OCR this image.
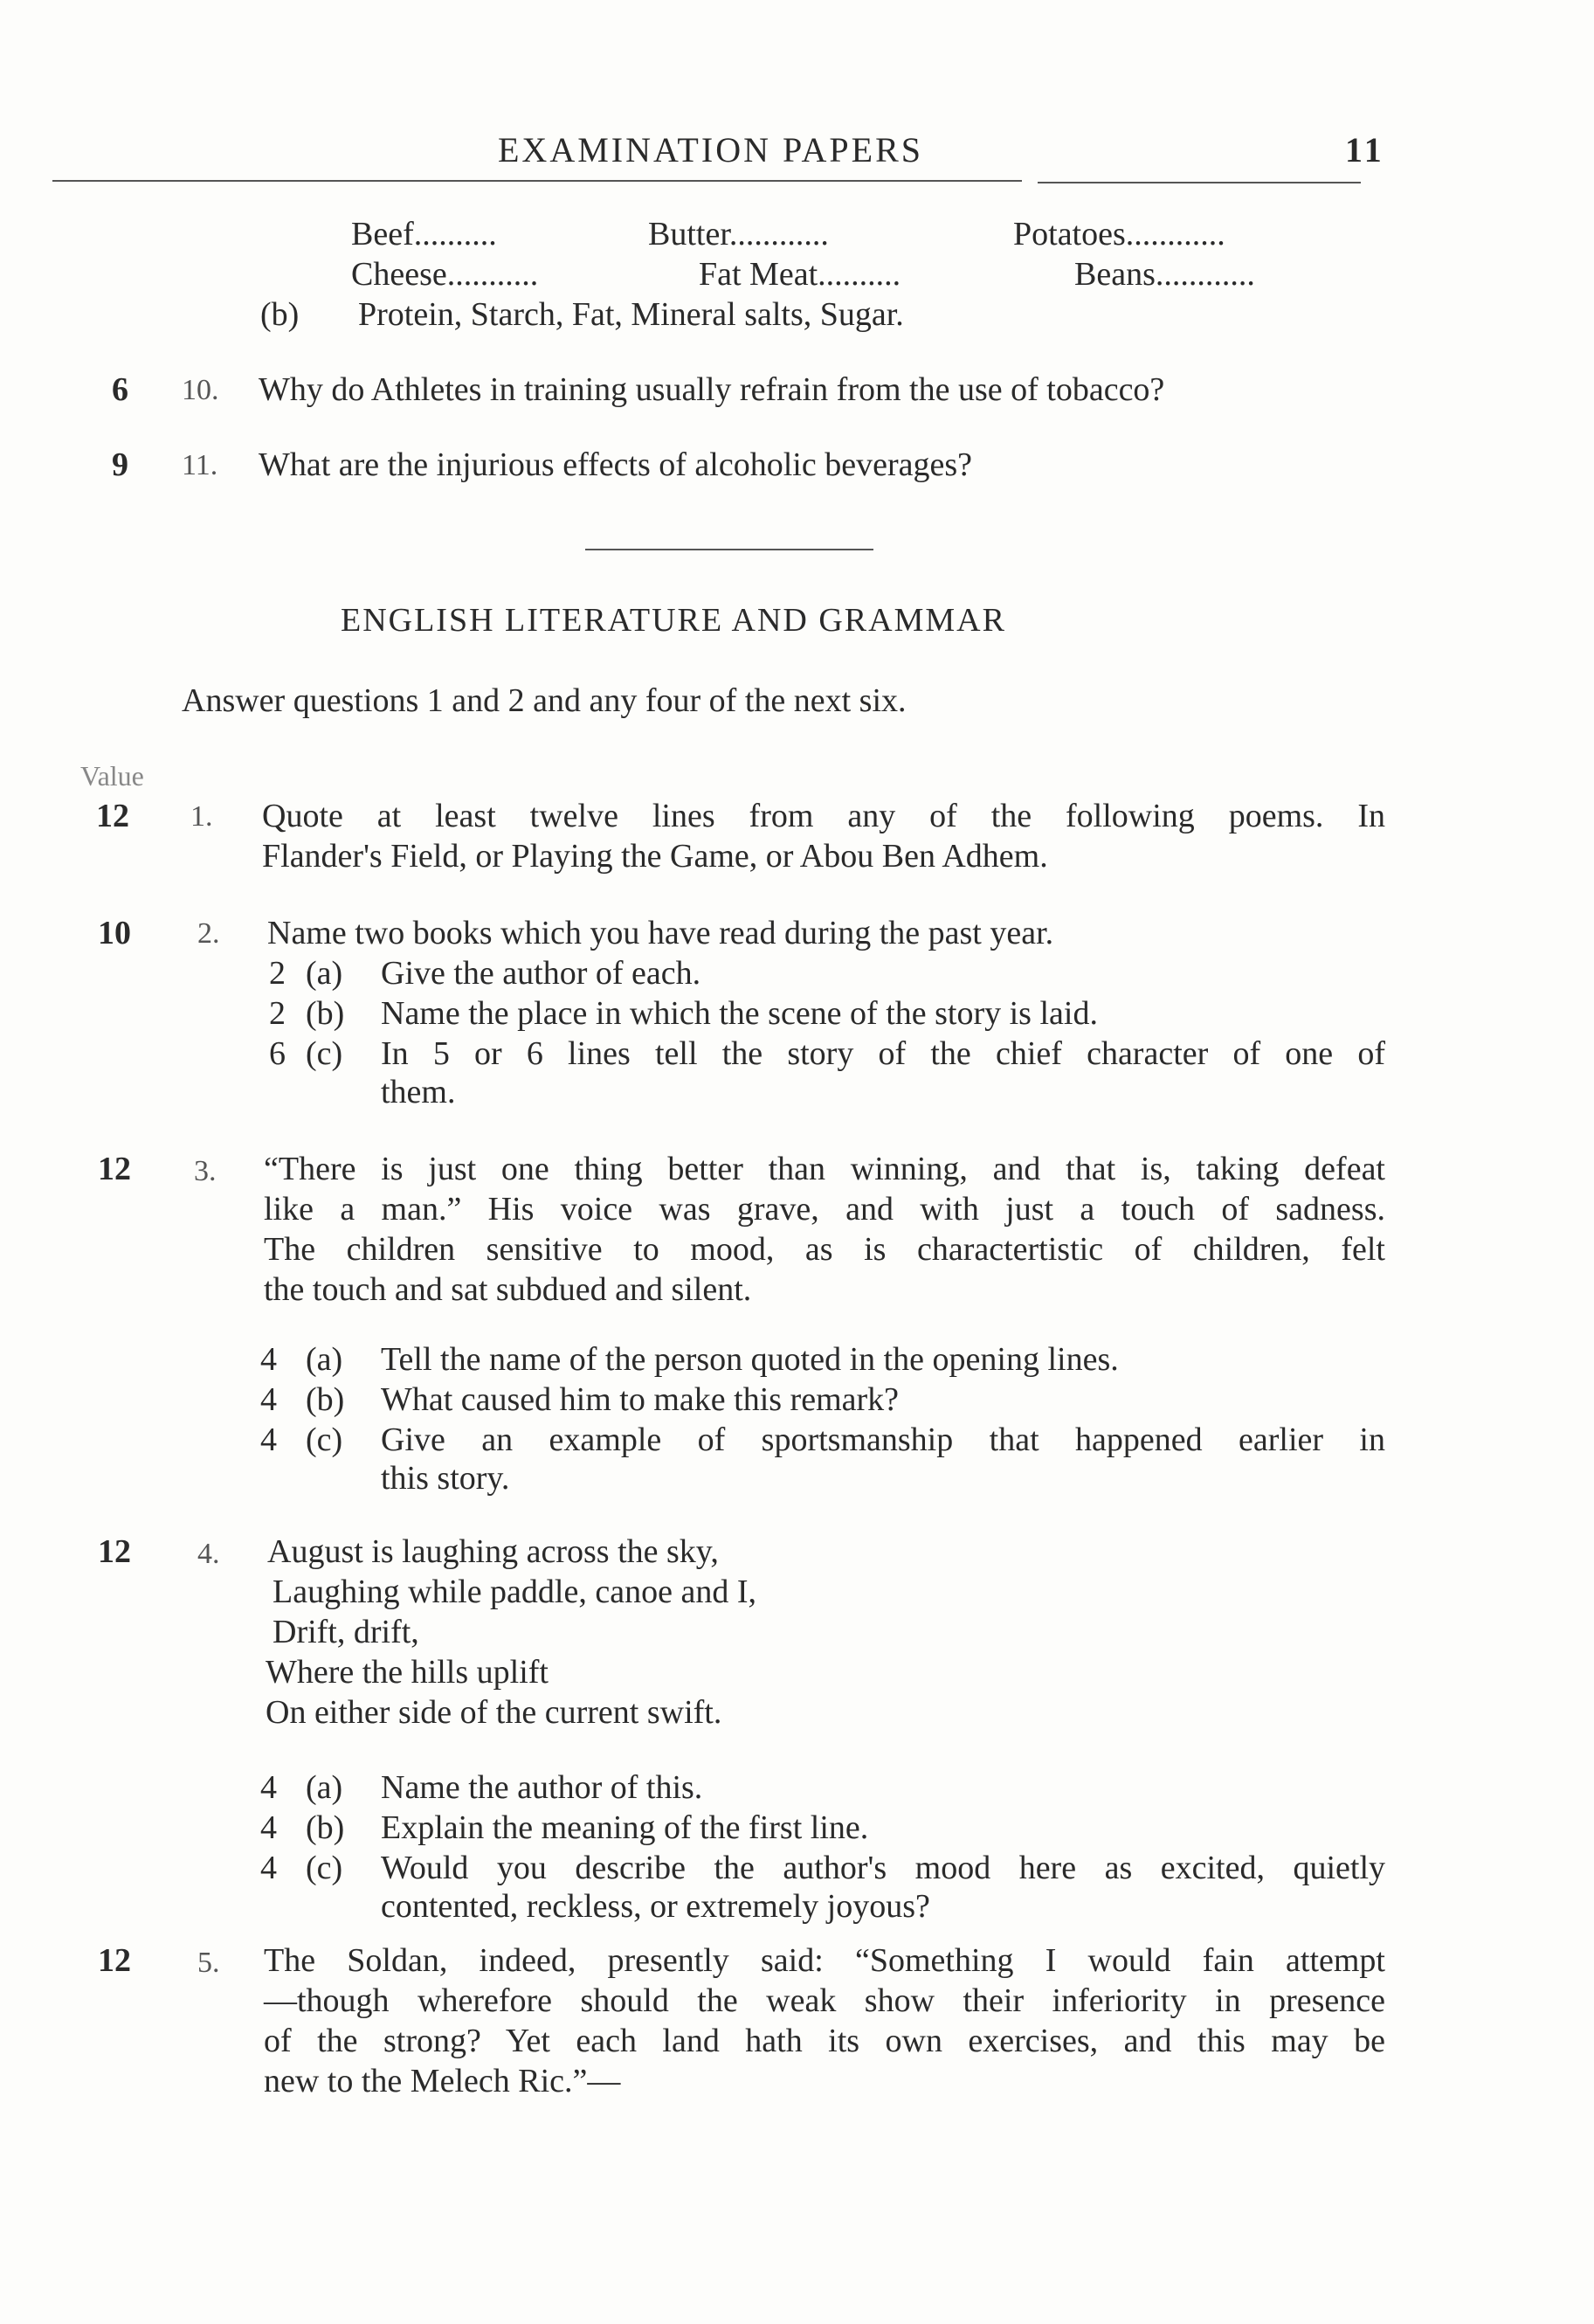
EXAMINATION PAPERS	11
Beef..........	Butter............	Potatoes............
Cheese...........	Fat Meat..........	Beans............
(b) Protein, Starch, Fat, Mineral salts, Sugar.
6 10. Why do Athletes in training usually refrain from the use of tobacco?
9 11. What are the injurious effects of alcoholic beverages?
ENGLISH LITERATURE AND GRAMMAR
Answer questions 1 and 2 and any four of the next six.
Value
12 1. Quote at least twelve lines from any of the following poems. In
Flander's Field, or Playing the Game, or Abou Ben Adhem.
10 2. Name two books which you have read during the past year.
2 (a) Give the author of each.
2 (b) Name the place in which the scene of the story is laid.
6 (c) In 5 or 6 lines tell the story of the chief character of one of
them.
12 3. “There is just one thing better than winning, and that is, taking defeat
like a man.” His voice was grave, and with just a touch of sadness.
The children sensitive to mood, as is charactertistic of children, felt
the touch and sat subdued and silent.
4 (a) Tell the name of the person quoted in the opening lines.
4 (b) What caused him to make this remark?
4 (c) Give an example of sportsmanship that happened earlier in
this story.
12 4. August is laughing across the sky,
Laughing while paddle, canoe and I,
Drift, drift,
Where the hills uplift
On either side of the current swift.
4 (a) Name the author of this.
4 (b) Explain the meaning of the first line.
4 (c) Would you describe the author's mood here as excited, quietly
contented, reckless, or extremely joyous?
12 5. The Soldan, indeed, presently said: “Something I would fain attempt
—though wherefore should the weak show their inferiority in presence
of the strong? Yet each land hath its own exercises, and this may be
new to the Melech Ric.”—
